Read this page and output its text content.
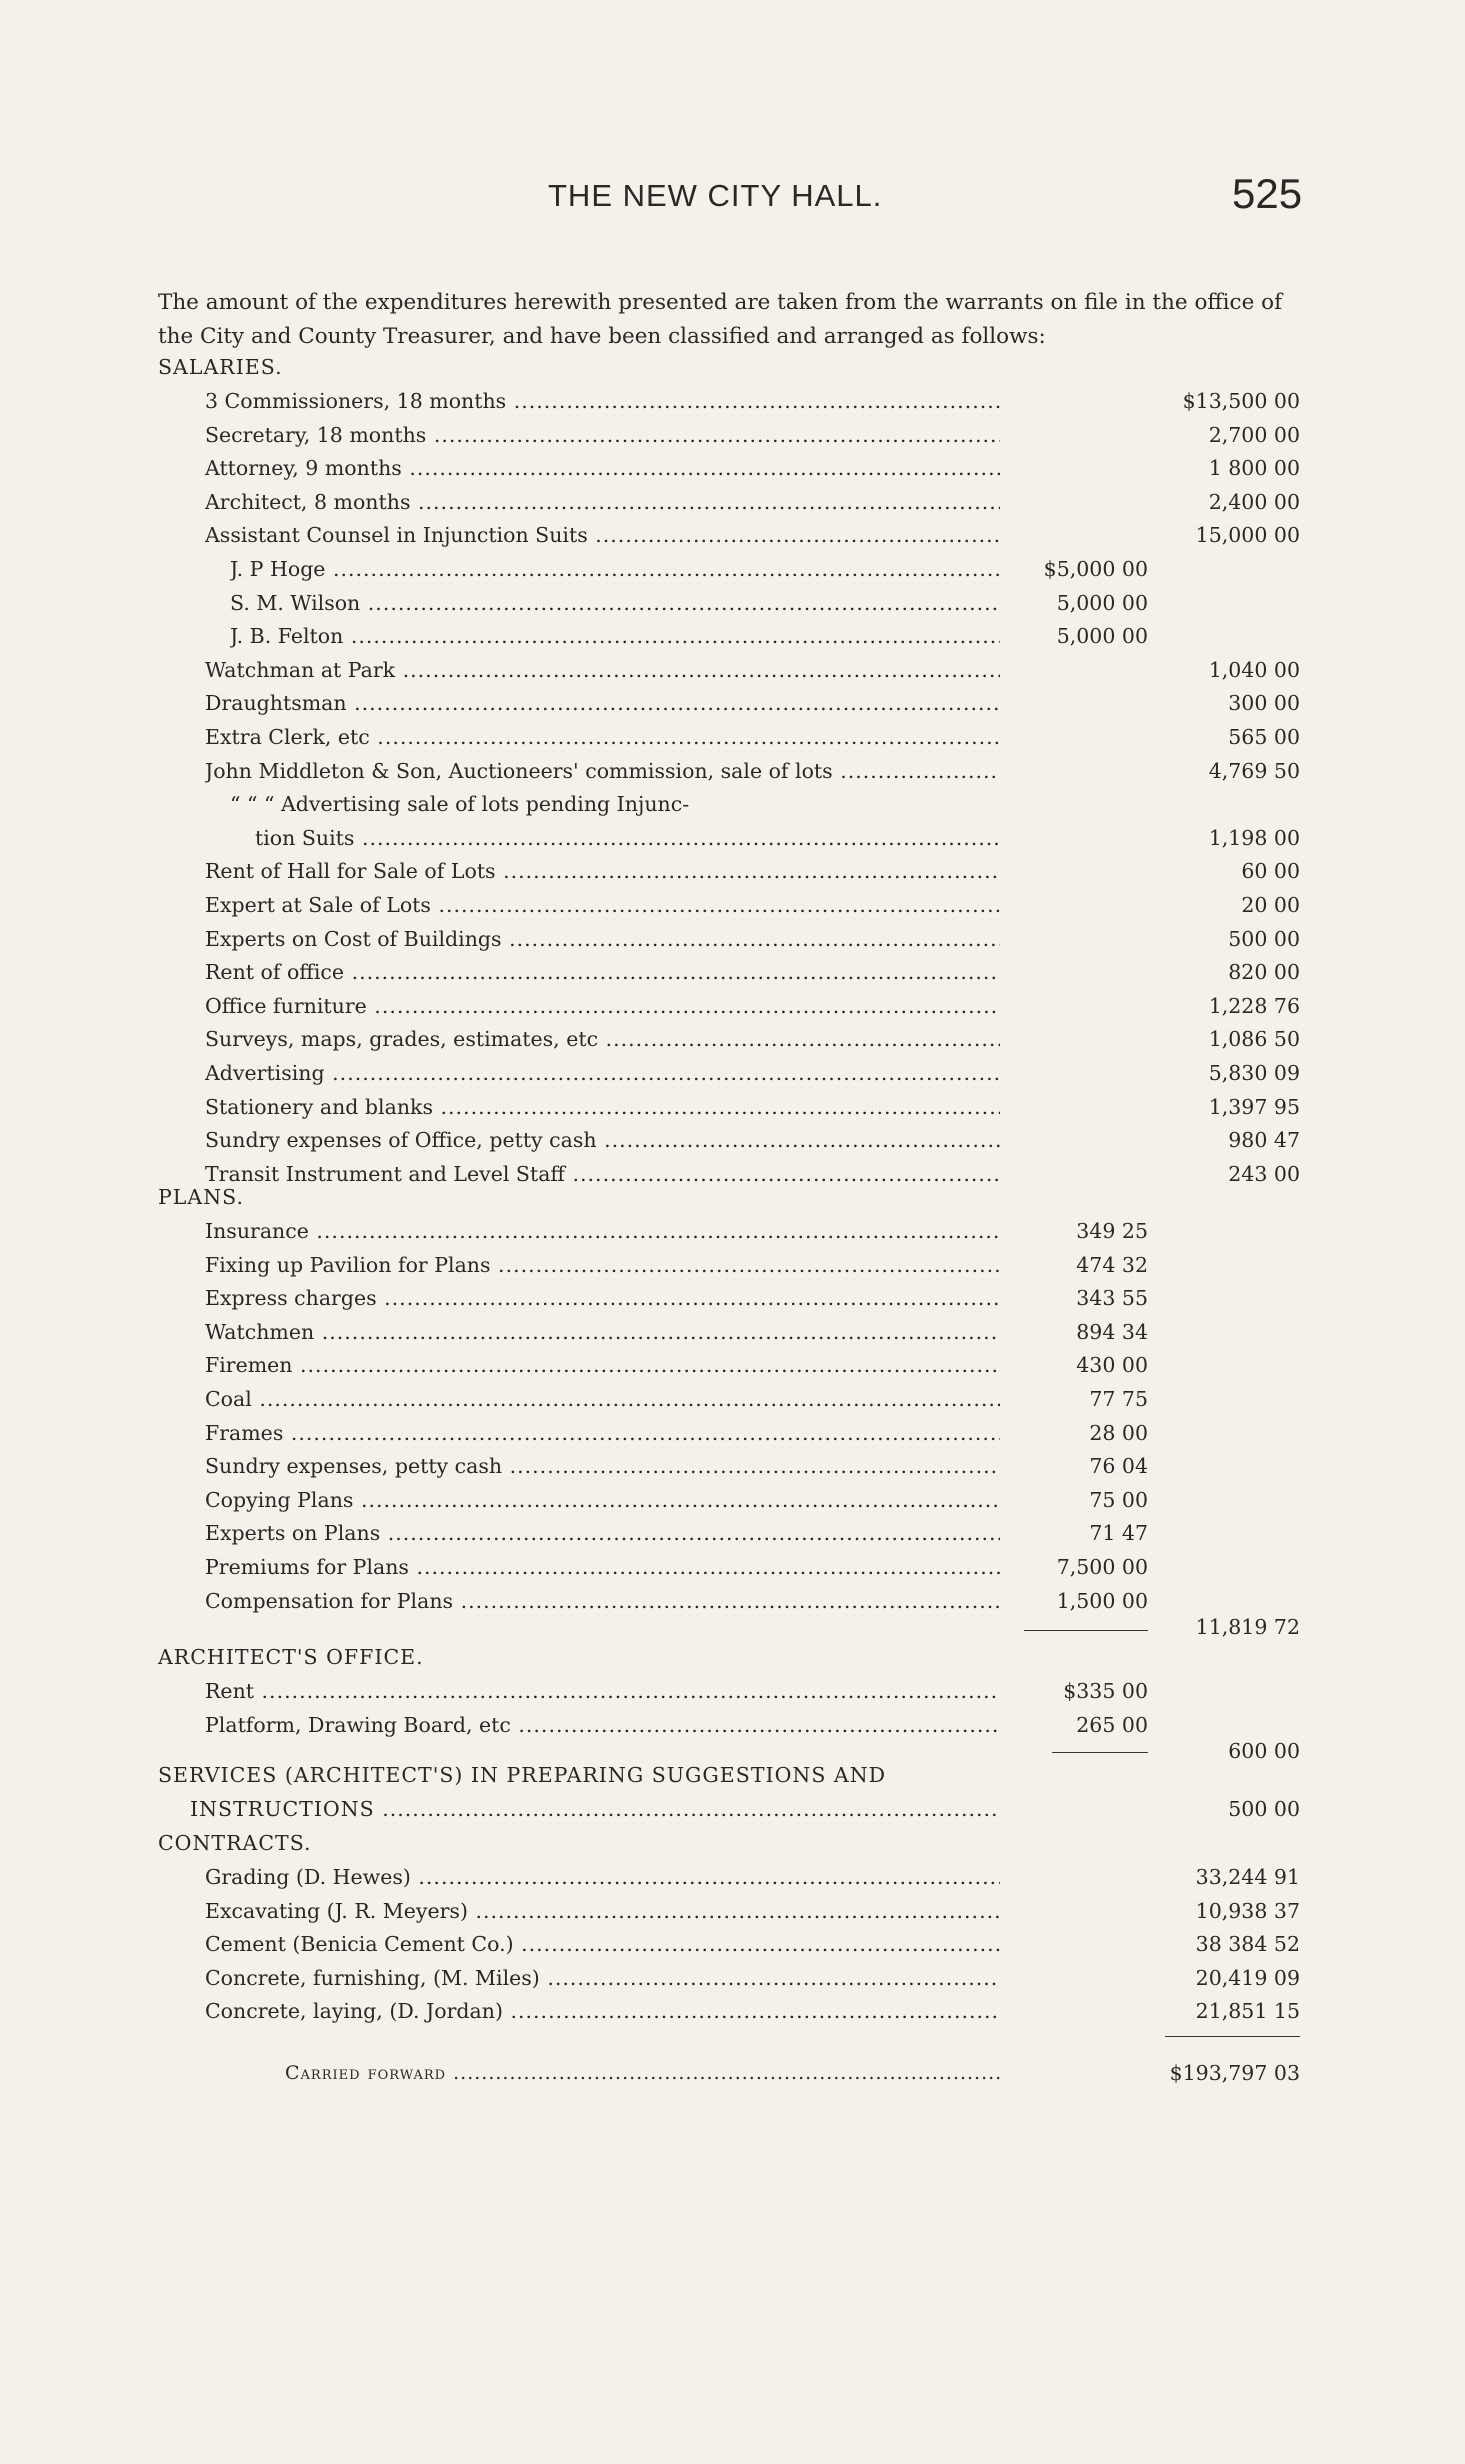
THE NEW CITY HALL.	525
The amount of the expenditures herewith presented are taken from the warrants on file in the office of the City and County Treasurer, and have been classified and arranged as follows:
SALARIES.
3 Commissioners, 18 months .....	$13,500 00
Secretary, 18 months .....	2,700 00
Attorney, 9 months .....	1 800 00
Architect, 8 months .....	2,400 00
Assistant Counsel in Injunction Suits .....	15,000 00
J. P Hoge .....	$5,000 00
S. M. Wilson .....	5,000 00
J. B. Felton .....	5,000 00
Watchman at Park .....	1,040 00
Draughtsman .....	300 00
Extra Clerk, etc .....	565 00
John Middleton & Son, Auctioneers' commission, sale of lots .....	4,769 50
“ “ “ Advertising sale of lots pending Injunc-
tion Suits .....	1,198 00
Rent of Hall for Sale of Lots .....	60 00
Expert at Sale of Lots .....	20 00
Experts on Cost of Buildings .....	500 00
Rent of office .....	820 00
Office furniture .....	1,228 76
Surveys, maps, grades, estimates, etc .....	1,086 50
Advertising .....	5,830 09
Stationery and blanks .....	1,397 95
Sundry expenses of Office, petty cash .....	980 47
Transit Instrument and Level Staff .....	243 00
PLANS.
Insurance .....	349 25
Fixing up Pavilion for Plans .....	474 32
Express charges .....	343 55
Watchmen .....	894 34
Firemen .....	430 00
Coal .....	77 75
Frames .....	28 00
Sundry expenses, petty cash .....	76 04
Copying Plans .....	75 00
Experts on Plans .....	71 47
Premiums for Plans .....	7,500 00
Compensation for Plans .....	1,500 00
11,819 72
ARCHITECT'S OFFICE.
Rent .....	$335 00
Platform, Drawing Board, etc .....	265 00
600 00
SERVICES (ARCHITECT'S) IN PREPARING SUGGESTIONS AND
INSTRUCTIONS .....	500 00
CONTRACTS.
Grading (D. Hewes) .....	33,244 91
Excavating (J. R. Meyers) .....	10,938 37
Cement (Benicia Cement Co.) .....	38 384 52
Concrete, furnishing, (M. Miles) .....	20,419 09
Concrete, laying, (D. Jordan) .....	21,851 15
Carried forward .....	$193,797 03
